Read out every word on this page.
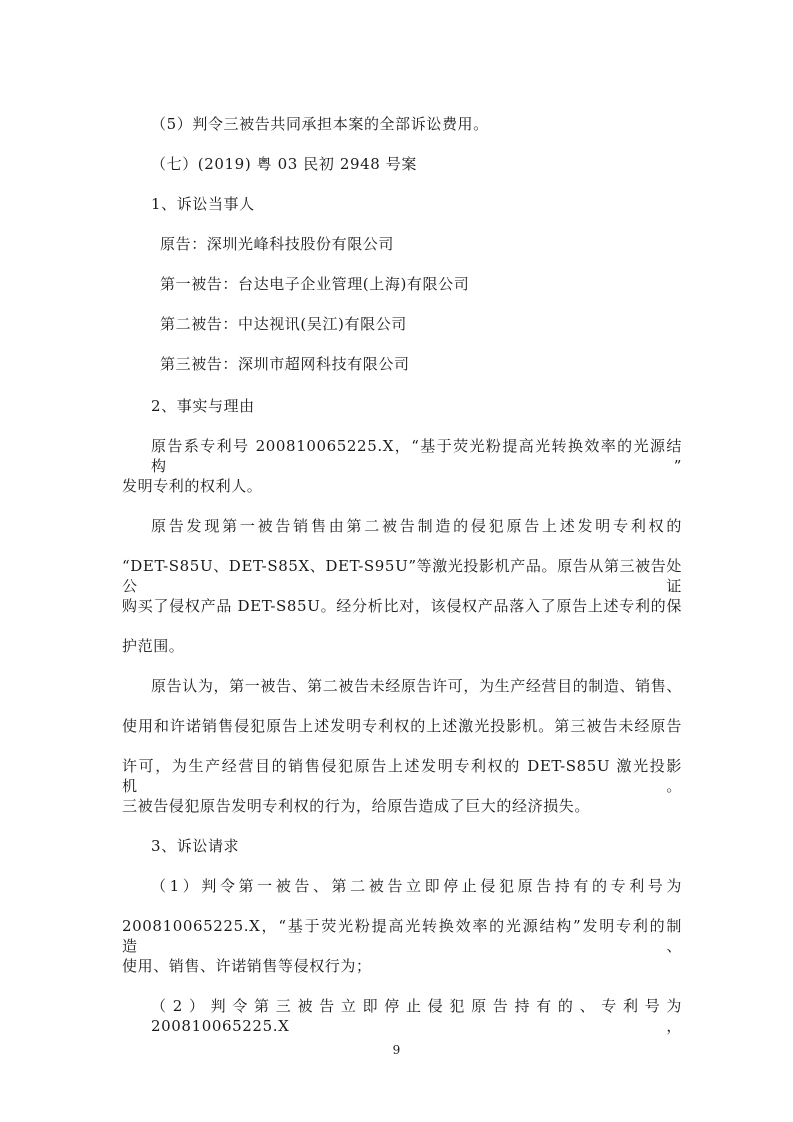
（5）判令三被告共同承担本案的全部诉讼费用。
（七）(2019) 粤 03 民初 2948 号案
1、诉讼当事人
原告：深圳光峰科技股份有限公司
第一被告：台达电子企业管理(上海)有限公司
第二被告：中达视讯(吴江)有限公司
第三被告：深圳市超网科技有限公司
2、事实与理由
原告系专利号 200810065225.X，“基于荧光粉提高光转换效率的光源结构”
发明专利的权利人。
原告发现第一被告销售由第二被告制造的侵犯原告上述发明专利权的
“DET-S85U、DET-S85X、DET-S95U”等激光投影机产品。原告从第三被告处公证
购买了侵权产品 DET-S85U。经分析比对，该侵权产品落入了原告上述专利的保
护范围。
原告认为，第一被告、第二被告未经原告许可，为生产经营目的制造、销售、
使用和许诺销售侵犯原告上述发明专利权的上述激光投影机。第三被告未经原告
许可，为生产经营目的销售侵犯原告上述发明专利权的 DET-S85U 激光投影机。
三被告侵犯原告发明专利权的行为，给原告造成了巨大的经济损失。
3、诉讼请求
（1）判令第一被告、第二被告立即停止侵犯原告持有的专利号为
200810065225.X，“基于荧光粉提高光转换效率的光源结构”发明专利的制造、
使用、销售、许诺销售等侵权行为；
（2）判令第三被告立即停止侵犯原告持有的、专利号为 200810065225.X，
9
